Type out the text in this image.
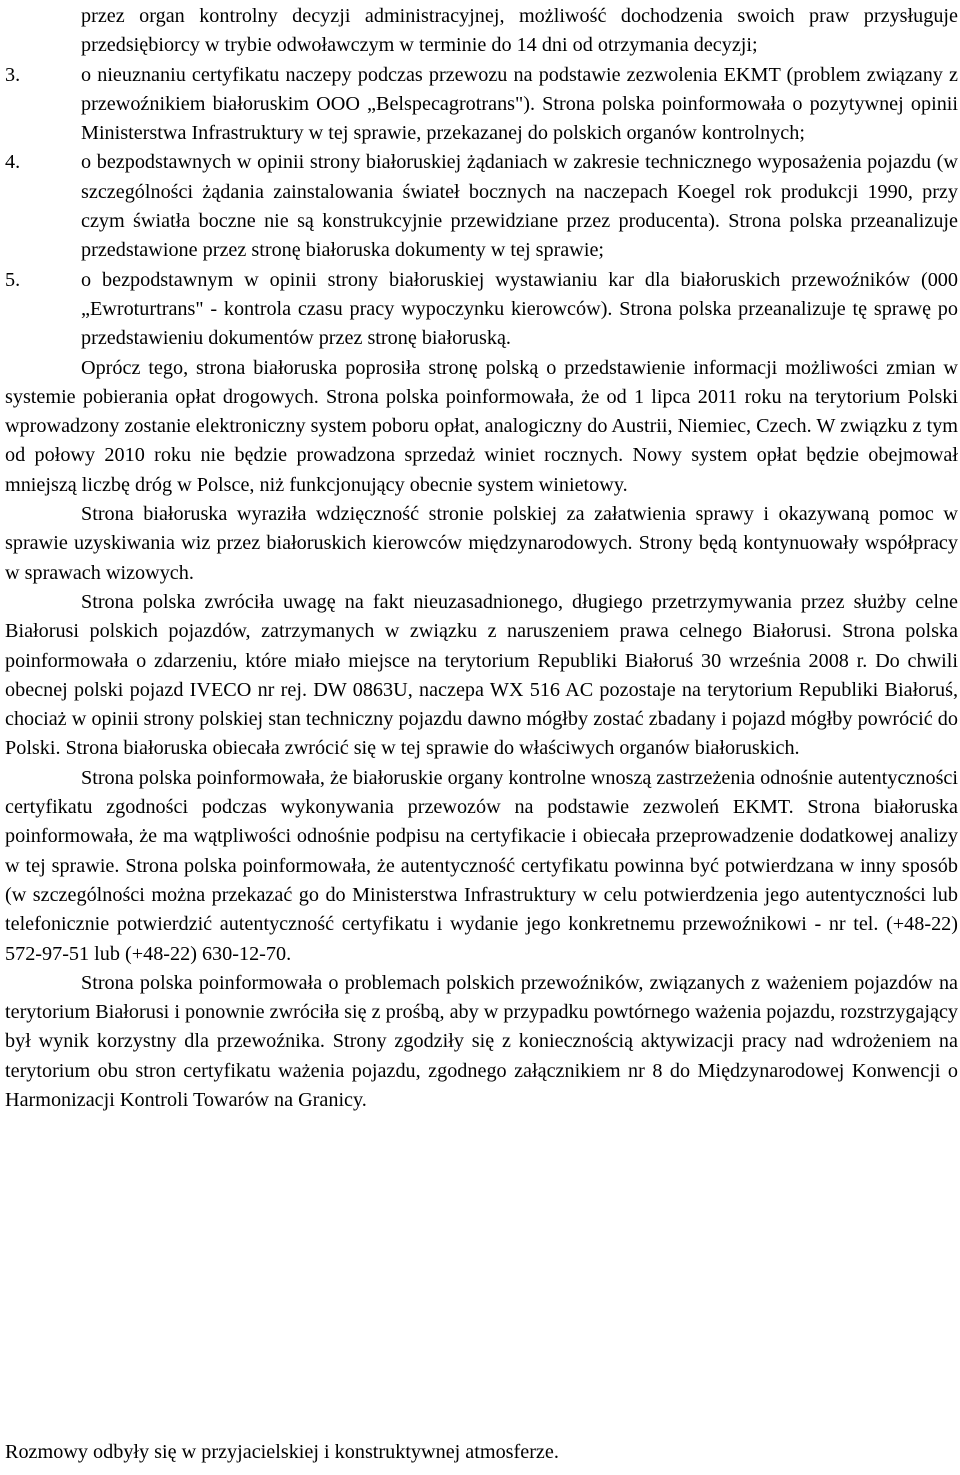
przez organ kontrolny decyzji administracyjnej, możliwość dochodzenia swoich praw przysługuje przedsiębiorcy w trybie odwoławczym w terminie do 14 dni od otrzymania decyzji;
3.	o nieuznaniu certyfikatu naczepy podczas przewozu na podstawie zezwolenia EKMT (problem związany z przewoźnikiem białoruskim OOO „Belspecagrotrans"). Strona polska poinformowała o pozytywnej opinii Ministerstwa Infrastruktury w tej sprawie, przekazanej do polskich organów kontrolnych;
4.	o bezpodstawnych w opinii strony białoruskiej żądaniach w zakresie technicznego wyposażenia pojazdu (w szczególności żądania zainstalowania świateł bocznych na naczepach Koegel rok produkcji 1990, przy czym światła boczne nie są konstrukcyjnie przewidziane przez producenta). Strona polska przeanalizuje przedstawione przez stronę białoruska dokumenty w tej sprawie;
5.	o bezpodstawnym w opinii strony białoruskiej wystawianiu kar dla białoruskich przewoźników (000 „Ewroturtrans" - kontrola czasu pracy wypoczynku kierowców). Strona polska przeanalizuje tę sprawę po przedstawieniu dokumentów przez stronę białoruską.

Oprócz tego, strona białoruska poprosiła stronę polską o przedstawienie informacji możliwości zmian w systemie pobierania opłat drogowych. Strona polska poinformowała, że od 1 lipca 2011 roku na terytorium Polski wprowadzony zostanie elektroniczny system poboru opłat, analogiczny do Austrii, Niemiec, Czech. W związku z tym od połowy 2010 roku nie będzie prowadzona sprzedaż winiet rocznych. Nowy system opłat będzie obejmował mniejszą liczbę dróg w Polsce, niż funkcjonujący obecnie system winietowy.

Strona białoruska wyraziła wdzięczność stronie polskiej za załatwienia sprawy i okazywaną pomoc w sprawie uzyskiwania wiz przez białoruskich kierowców międzynarodowych. Strony będą kontynuowały współpracy w sprawach wizowych.

Strona polska zwróciła uwagę na fakt nieuzasadnionego, długiego przetrzymywania przez służby celne Białorusi polskich pojazdów, zatrzymanych w związku z naruszeniem prawa celnego Białorusi. Strona polska poinformowała o zdarzeniu, które miało miejsce na terytorium Republiki Białoruś 30 września 2008 r. Do chwili obecnej polski pojazd IVECO nr rej. DW 0863U, naczepa WX 516 AC pozostaje na terytorium Republiki Białoruś, chociaż w opinii strony polskiej stan techniczny pojazdu dawno mógłby zostać zbadany i pojazd mógłby powrócić do Polski. Strona białoruska obiecała zwrócić się w tej sprawie do właściwych organów białoruskich.

Strona polska poinformowała, że białoruskie organy kontrolne wnoszą zastrzeżenia odnośnie autentyczności certyfikatu zgodności podczas wykonywania przewozów na podstawie zezwoleń EKMT. Strona białoruska poinformowała, że ma wątpliwości odnośnie podpisu na certyfikacie i obiecała przeprowadzenie dodatkowej analizy w tej sprawie. Strona polska poinformowała, że autentyczność certyfikatu powinna być potwierdzana w inny sposób (w szczególności można przekazać go do Ministerstwa Infrastruktury w celu potwierdzenia jego autentyczności lub telefonicznie potwierdzić autentyczność certyfikatu i wydanie jego konkretnemu przewoźnikowi - nr tel. (+48-22) 572-97-51 lub (+48-22) 630-12-70.

Strona polska poinformowała o problemach polskich przewoźników, związanych z ważeniem pojazdów na terytorium Białorusi i ponownie zwróciła się z prośbą, aby w przypadku powtórnego ważenia pojazdu, rozstrzygający był wynik korzystny dla przewoźnika. Strony zgodziły się z koniecznością aktywizacji pracy nad wdrożeniem na terytorium obu stron certyfikatu ważenia pojazdu, zgodnego załącznikiem nr 8 do Międzynarodowej Konwencji o Harmonizacji Kontroli Towarów na Granicy.

Rozmowy odbyły się w przyjacielskiej i konstruktywnej atmosferze.
